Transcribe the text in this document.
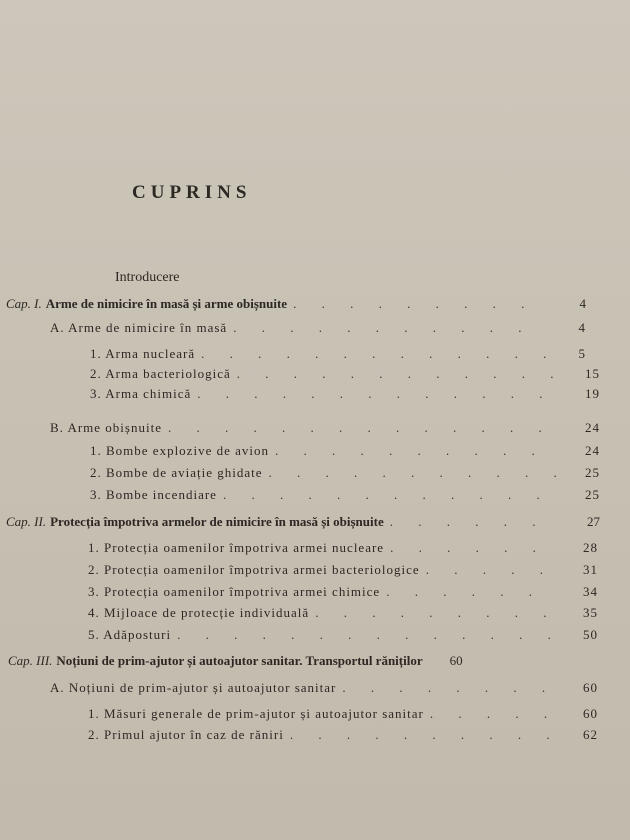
CUPRINS
Introducere
Cap. I. Arme de nimicire în masă și arme obișnuite . . .	4
A. Arme de nimicire în masă . . .	4
1. Arma nucleară . . .	5
2. Arma bacteriologică . . .	15
3. Arma chimică . . .	19
B. Arme obișnuite . . .	24
1. Bombe explozive de avion . . .	24
2. Bombe de aviație ghidate . . .	25
3. Bombe incendiare . . .	25
Cap. II. Protecția împotriva armelor de nimicire în masă și obișnuite . . .	27
1. Protecția oamenilor împotriva armei nucleare . . .	28
2. Protecția oamenilor împotriva armei bacteriologice . . .	31
3. Protecția oamenilor împotriva armei chimice . . .	34
4. Mijloace de protecție individuală . . .	35
5. Adăposturi . . .	50
Cap. III. Noțiuni de prim-ajutor și autoajutor sanitar. Transportul răniților	60
A. Noțiuni de prim-ajutor și autoajutor sanitar . . .	60
1. Măsuri generale de prim-ajutor și autoajutor sanitar . . .	60
2. Primul ajutor în caz de răniri . . .	62
